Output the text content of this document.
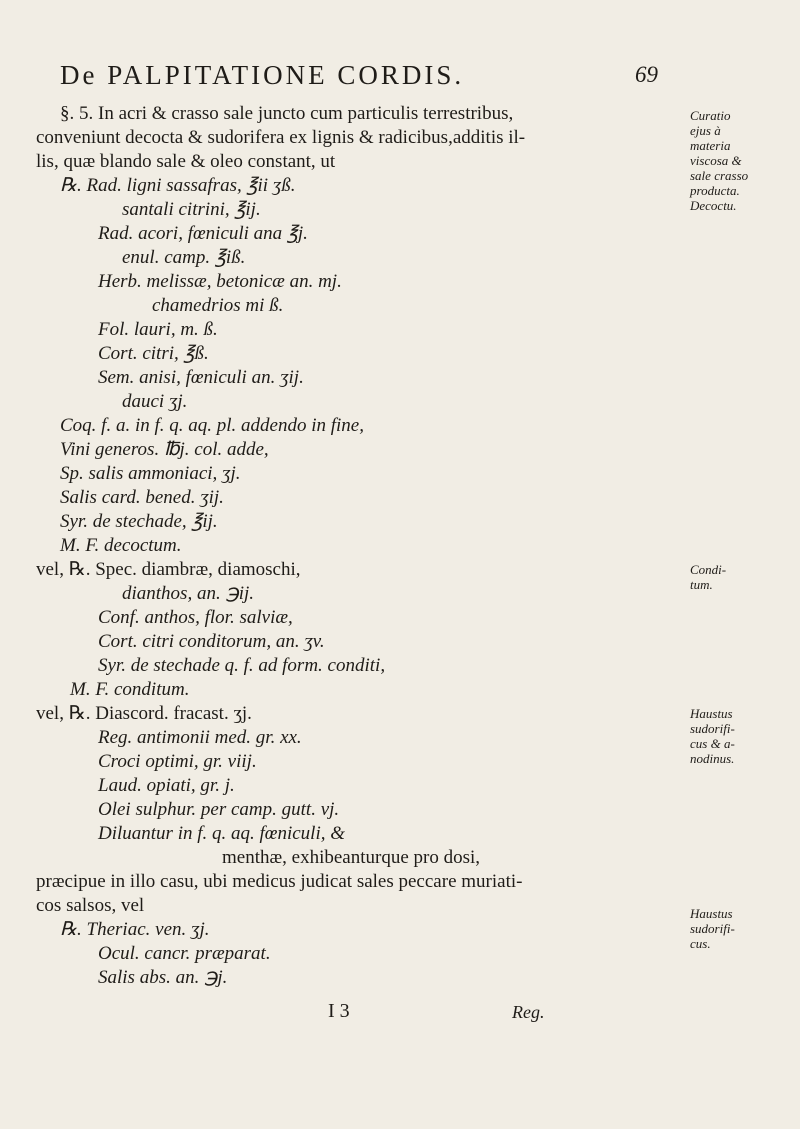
De PALPITATIONE CORDIS.	69
§. 5. In acri & crasso sale juncto cum particulis terrestribus,
conveniunt decocta & sudorifera ex lignis & radicibus,additis il-
lis, quæ blando sale & oleo constant, ut
℞. Rad. ligni sassafras, ℥ii ʒß.
santali citrini, ℥ij.
Rad. acori, fœniculi ana ℥j.
enul. camp. ℥iß.
Herb. melissæ, betonicæ an. mj.
chamedrios mi ß.
Fol. lauri, m. ß.
Cort. citri, ℥ß.
Sem. anisi, fœniculi an. ʒij.
dauci ʒj.
Coq. f. a. in f. q. aq. pl. addendo in fine,
Vini generos. ℔j. col. adde,
Sp. salis ammoniaci, ʒj.
Salis card. bened. ʒij.
Syr. de stechade, ℥ij.
M. F. decoctum.
vel, ℞. Spec. diambræ, diamoschi,
dianthos, an. ℈ij.
Conf. anthos, flor. salviæ,
Cort. citri conditorum, an. ʒv.
Syr. de stechade q. f. ad form. conditi,
M. F. conditum.
vel, ℞. Diascord. fracast. ʒj.
Reg. antimonii med. gr. xx.
Croci optimi, gr. viij.
Laud. opiati, gr. j.
Olei sulphur. per camp. gutt. vj.
Diluantur in f. q. aq. fœniculi, &
menthæ, exhibeanturque pro dosi,
præcipue in illo casu, ubi medicus judicat sales peccare muriati-
cos salsos, vel
℞. Theriac. ven. ʒj.
Ocul. cancr. præparat.
Salis abs. an. ℈j.
Curatio
ejus à
materia
viscosa &
sale crasso
producta.
Decoctu.
Condi-
tum.
Haustus
sudorifi-
cus & a-
nodinus.
Haustus
sudorifi-
cus.
I 3	Reg.
